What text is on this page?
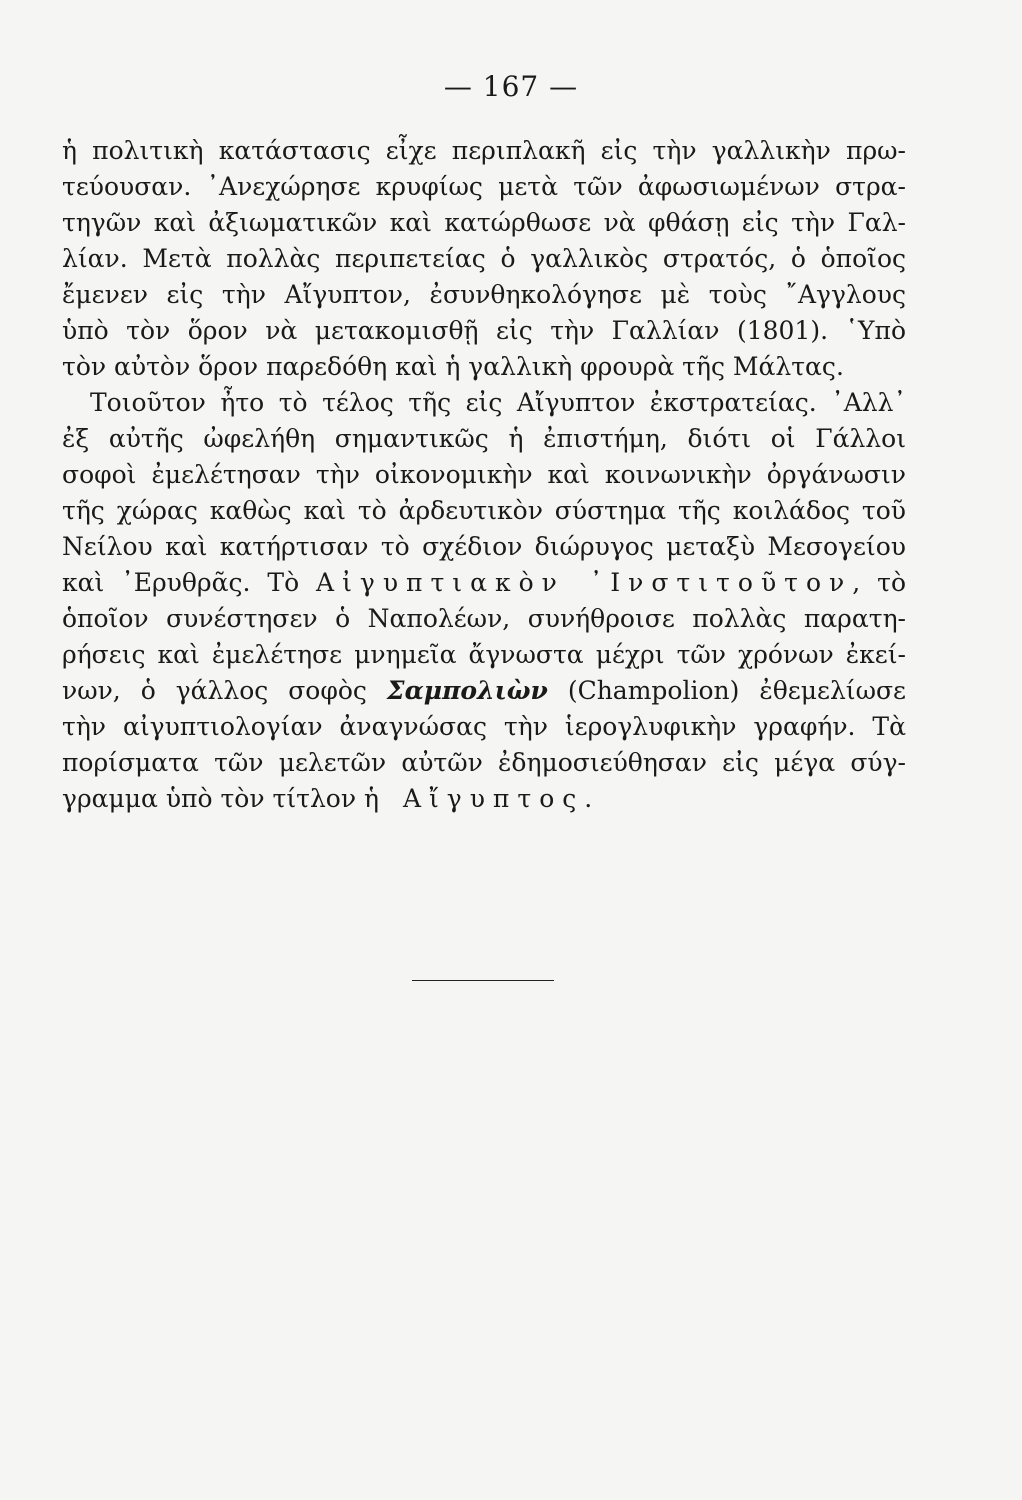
— 167 —
ἡ πολιτικὴ κατάστασις εἶχε περιπλακῆ εἰς τὴν γαλλικὴν πρω-
τεύουσαν. ᾿Ανεχώρησε κρυφίως μετὰ τῶν ἀφωσιωμένων στρα-
τηγῶν καὶ ἀξιωματικῶν καὶ κατώρθωσε νὰ φθάσῃ εἰς τὴν Γαλ-
λίαν. Μετὰ πολλὰς περιπετείας ὁ γαλλικὸς στρατός, ὁ ὁποῖος
ἔμενεν εἰς τὴν Αἴγυπτον, ἐσυνθηκολόγησε μὲ τοὺς ῎Αγγλους
ὑπὸ τὸν ὅρον νὰ μετακομισθῇ εἰς τὴν Γαλλίαν (1801). ῾Υπὸ
τὸν αὐτὸν ὅρον παρεδόθη καὶ ἡ γαλλικὴ φρουρὰ τῆς Μάλτας.
Τοιοῦτον ἦτο τὸ τέλος τῆς εἰς Αἴγυπτον ἐκστρατείας. ᾿Αλλ᾿
ἐξ αὐτῆς ὠφελήθη σημαντικῶς ἡ ἐπιστήμη, διότι οἱ Γάλλοι
σοφοὶ ἐμελέτησαν τὴν οἰκονομικὴν καὶ κοινωνικὴν ὀργάνωσιν
τῆς χώρας καθὼς καὶ τὸ ἀρδευτικὸν σύστημα τῆς κοιλάδος τοῦ
Νείλου καὶ κατήρτισαν τὸ σχέδιον διώρυγος μεταξὺ Μεσογείου
καὶ ᾿Ερυθρᾶς. Τὸ Αἰγυπτιακὸν ᾿Ινστιτοῦτον, τὸ
ὁποῖον συνέστησεν ὁ Ναπολέων, συνήθροισε πολλὰς παρατη-
ρήσεις καὶ ἐμελέτησε μνημεῖα ἄγνωστα μέχρι τῶν χρόνων ἐκεί-
νων, ὁ γάλλος σοφὸς Σαμπολιὼν (Champolion) ἐθεμελίωσε
τὴν αἰγυπτιολογίαν ἀναγνώσας τὴν ἱερογλυφικὴν γραφήν. Τὰ
πορίσματα τῶν μελετῶν αὐτῶν ἐδημοσιεύθησαν εἰς μέγα σύγ-
γραμμα ὑπὸ τὸν τίτλον ἡ Αἴγυπτος.
